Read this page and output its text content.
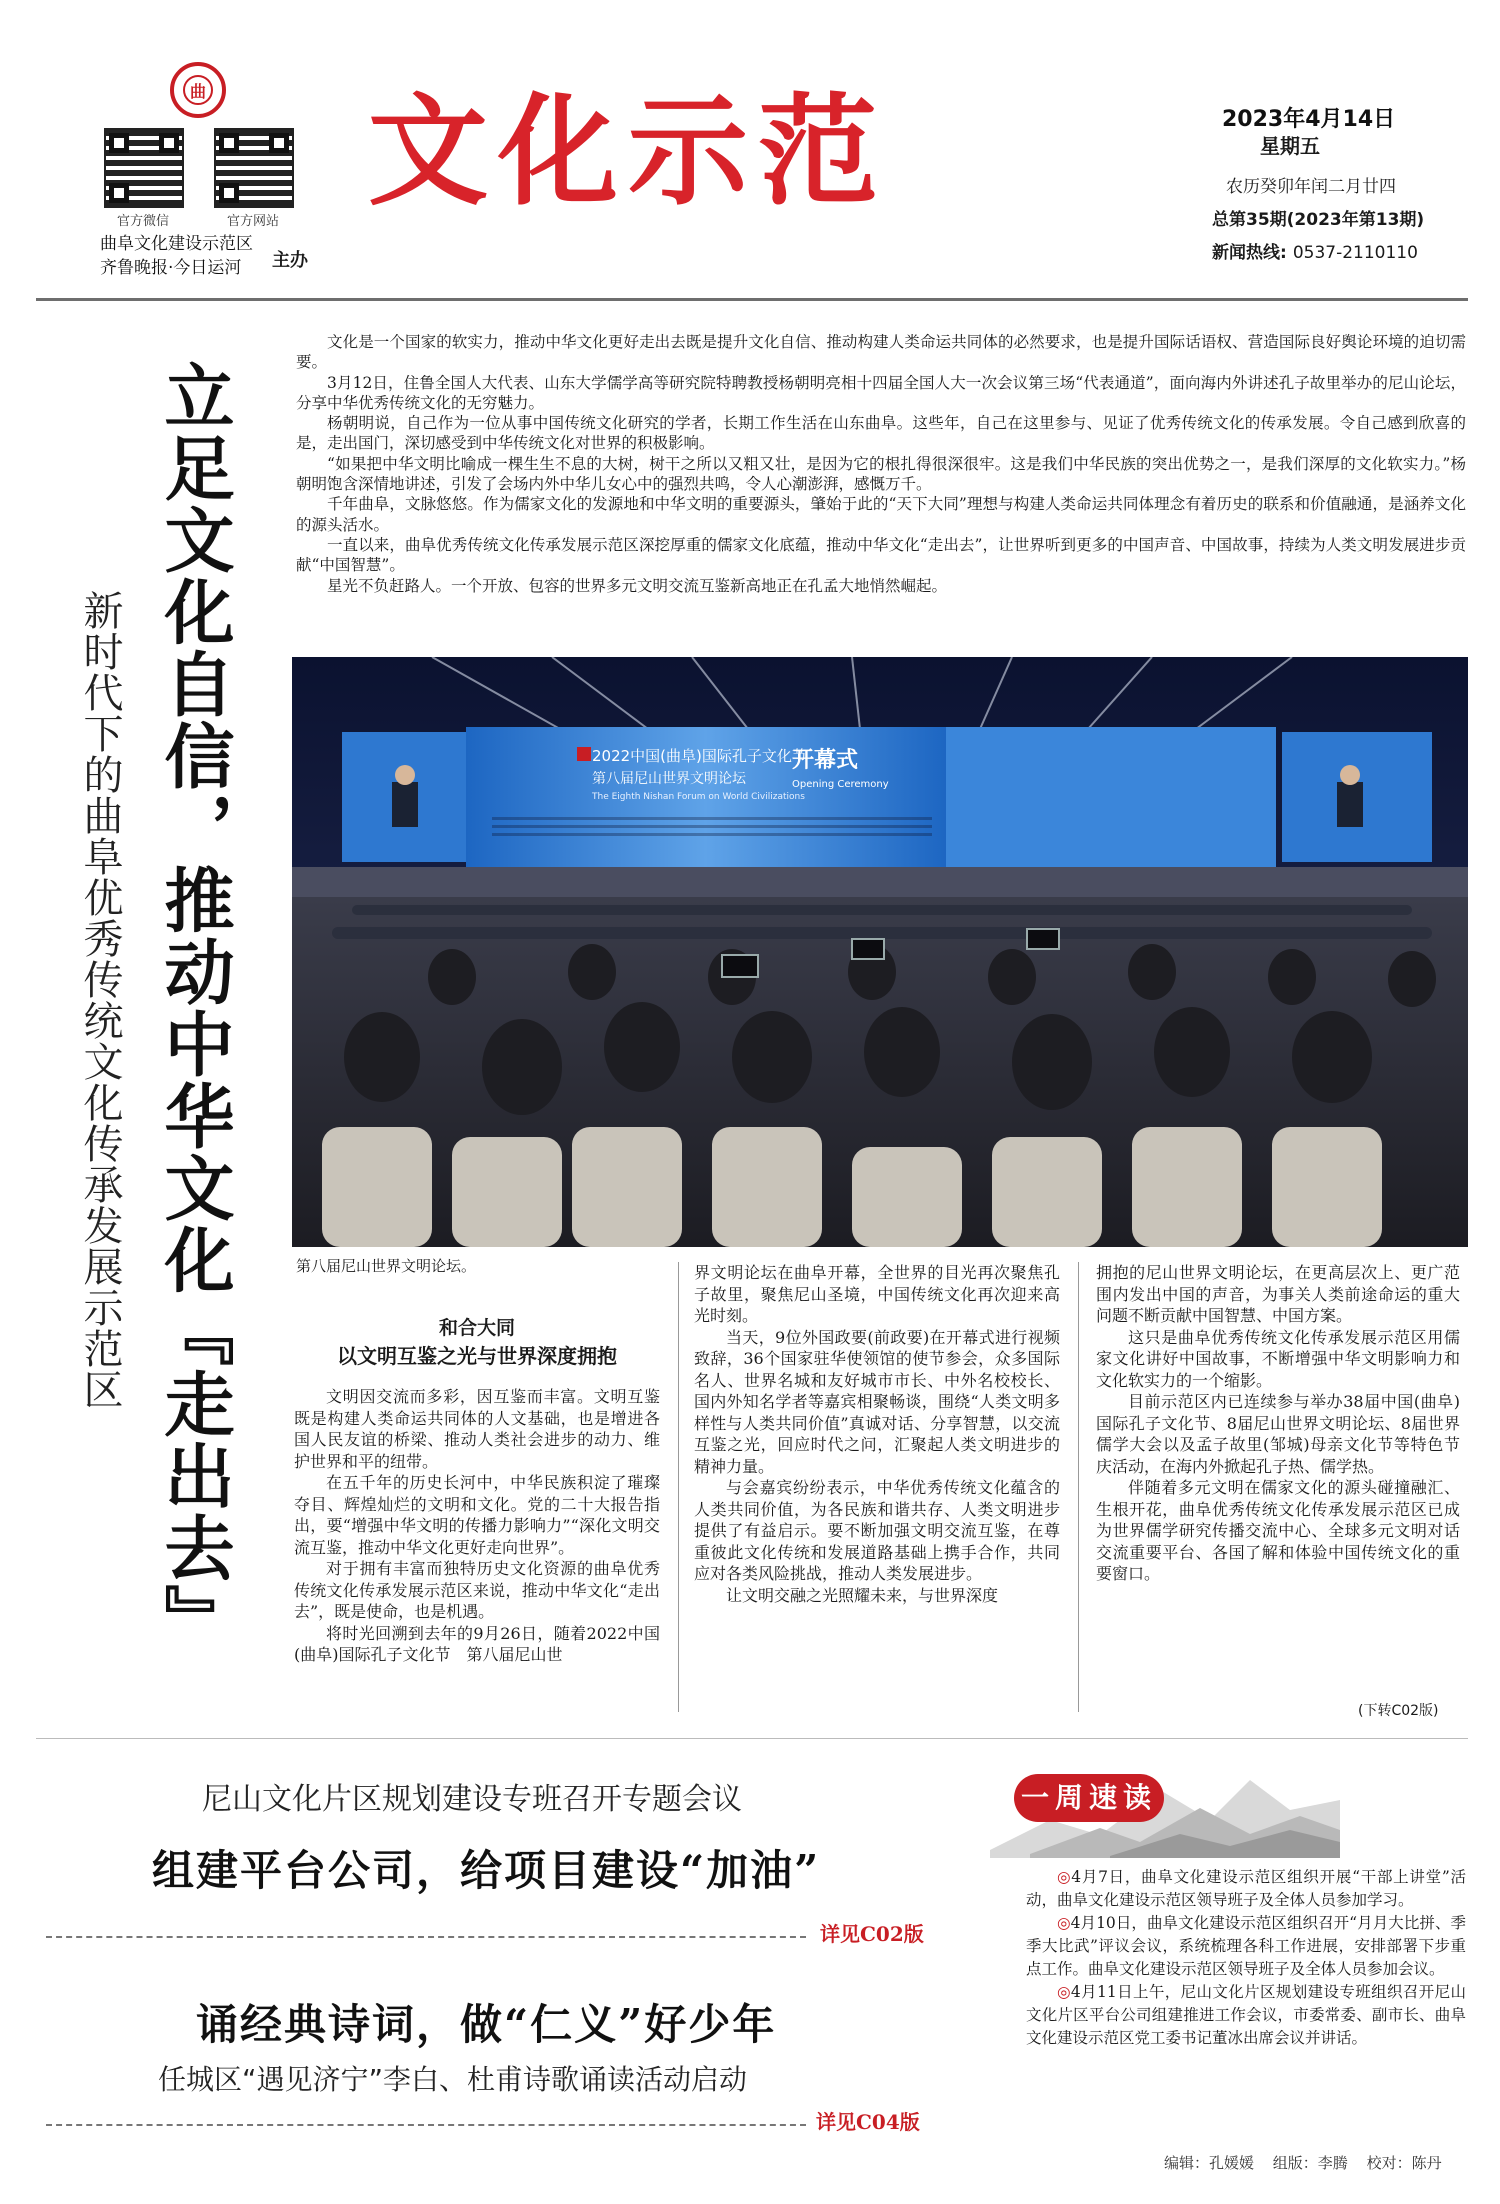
曲
官方微信	官方网站
曲阜文化建设示范区
齐鲁晚报·今日运河	主办
文化示范	2023年4月14日
星期五
农历癸卯年闰二月廿四
总第35期(2023年第13期)
新闻热线: 0537-2110110
立足文化自信，推动中华文化『走出去』
新时代下的曲阜优秀传统文化传承发展示范区

文化是一个国家的软实力，推动中华文化更好走出去既是提升文化自信、推动构建人类命运共同体的必然要求，也是提升国际话语权、营造国际良好舆论环境的迫切需要。

3月12日，住鲁全国人大代表、山东大学儒学高等研究院特聘教授杨朝明亮相十四届全国人大一次会议第三场“代表通道”，面向海内外讲述孔子故里举办的尼山论坛，分享中华优秀传统文化的无穷魅力。

杨朝明说，自己作为一位从事中国传统文化研究的学者，长期工作生活在山东曲阜。这些年，自己在这里参与、见证了优秀传统文化的传承发展。令自己感到欣喜的是，走出国门，深切感受到中华传统文化对世界的积极影响。

“如果把中华文明比喻成一棵生生不息的大树，树干之所以又粗又壮，是因为它的根扎得很深很牢。这是我们中华民族的突出优势之一，是我们深厚的文化软实力。”杨朝明饱含深情地讲述，引发了会场内外中华儿女心中的强烈共鸣，令人心潮澎湃，感慨万千。

千年曲阜，文脉悠悠。作为儒家文化的发源地和中华文明的重要源头，肇始于此的“天下大同”理想与构建人类命运共同体理念有着历史的联系和价值融通，是涵养文化的源头活水。

一直以来，曲阜优秀传统文化传承发展示范区深挖厚重的儒家文化底蕴，推动中华文化“走出去”，让世界听到更多的中国声音、中国故事，持续为人类文明发展进步贡献“中国智慧”。

星光不负赶路人。一个开放、包容的世界多元文明交流互鉴新高地正在孔孟大地悄然崛起。

2022中国(曲阜)国际孔子文化节
第八届尼山世界文明论坛
The Eighth Nishan Forum on World Civilizations
开幕式
Opening Ceremony
第八届尼山世界文明论坛。
和合大同
以文明互鉴之光与世界深度拥抱

文明因交流而多彩，因互鉴而丰富。文明互鉴既是构建人类命运共同体的人文基础，也是增进各国人民友谊的桥梁、推动人类社会进步的动力、维护世界和平的纽带。

在五千年的历史长河中，中华民族积淀了璀璨夺目、辉煌灿烂的文明和文化。党的二十大报告指出，要“增强中华文明的传播力影响力”“深化文明交流互鉴，推动中华文化更好走向世界”。

对于拥有丰富而独特历史文化资源的曲阜优秀传统文化传承发展示范区来说，推动中华文化“走出去”，既是使命，也是机遇。

将时光回溯到去年的9月26日，随着2022中国(曲阜)国际孔子文化节　第八届尼山世

界文明论坛在曲阜开幕，全世界的目光再次聚焦孔子故里，聚焦尼山圣境，中国传统文化再次迎来高光时刻。

当天，9位外国政要(前政要)在开幕式进行视频致辞，36个国家驻华使领馆的使节参会，众多国际名人、世界名城和友好城市市长、中外名校校长、国内外知名学者等嘉宾相聚畅谈，围绕“人类文明多样性与人类共同价值”真诚对话、分享智慧，以交流互鉴之光，回应时代之问，汇聚起人类文明进步的精神力量。

与会嘉宾纷纷表示，中华优秀传统文化蕴含的人类共同价值，为各民族和谐共存、人类文明进步提供了有益启示。要不断加强文明交流互鉴，在尊重彼此文化传统和发展道路基础上携手合作，共同应对各类风险挑战，推动人类发展进步。

让文明交融之光照耀未来，与世界深度

拥抱的尼山世界文明论坛，在更高层次上、更广范围内发出中国的声音，为事关人类前途命运的重大问题不断贡献中国智慧、中国方案。

这只是曲阜优秀传统文化传承发展示范区用儒家文化讲好中国故事，不断增强中华文明影响力和文化软实力的一个缩影。

目前示范区内已连续参与举办38届中国(曲阜)国际孔子文化节、8届尼山世界文明论坛、8届世界儒学大会以及孟子故里(邹城)母亲文化节等特色节庆活动，在海内外掀起孔子热、儒学热。

伴随着多元文明在儒家文化的源头碰撞融汇、生根开花，曲阜优秀传统文化传承发展示范区已成为世界儒学研究传播交流中心、全球多元文明对话交流重要平台、各国了解和体验中国传统文化的重要窗口。

(下转C02版)
尼山文化片区规划建设专班召开专题会议
组建平台公司，给项目建设“加油”
详见C02版
诵经典诗词，做“仁义”好少年
任城区“遇见济宁”李白、杜甫诗歌诵读活动启动
详见C04版
一周速读

◎4月7日，曲阜文化建设示范区组织开展“干部上讲堂”活动，曲阜文化建设示范区领导班子及全体人员参加学习。

◎4月10日，曲阜文化建设示范区组织召开“月月大比拼、季季大比武”评议会议，系统梳理各科工作进展，安排部署下步重点工作。曲阜文化建设示范区领导班子及全体人员参加会议。

◎4月11日上午，尼山文化片区规划建设专班组织召开尼山文化片区平台公司组建推进工作会议，市委常委、副市长、曲阜文化建设示范区党工委书记董冰出席会议并讲话。

编辑：孔媛媛 组版：李腾 校对：陈丹
